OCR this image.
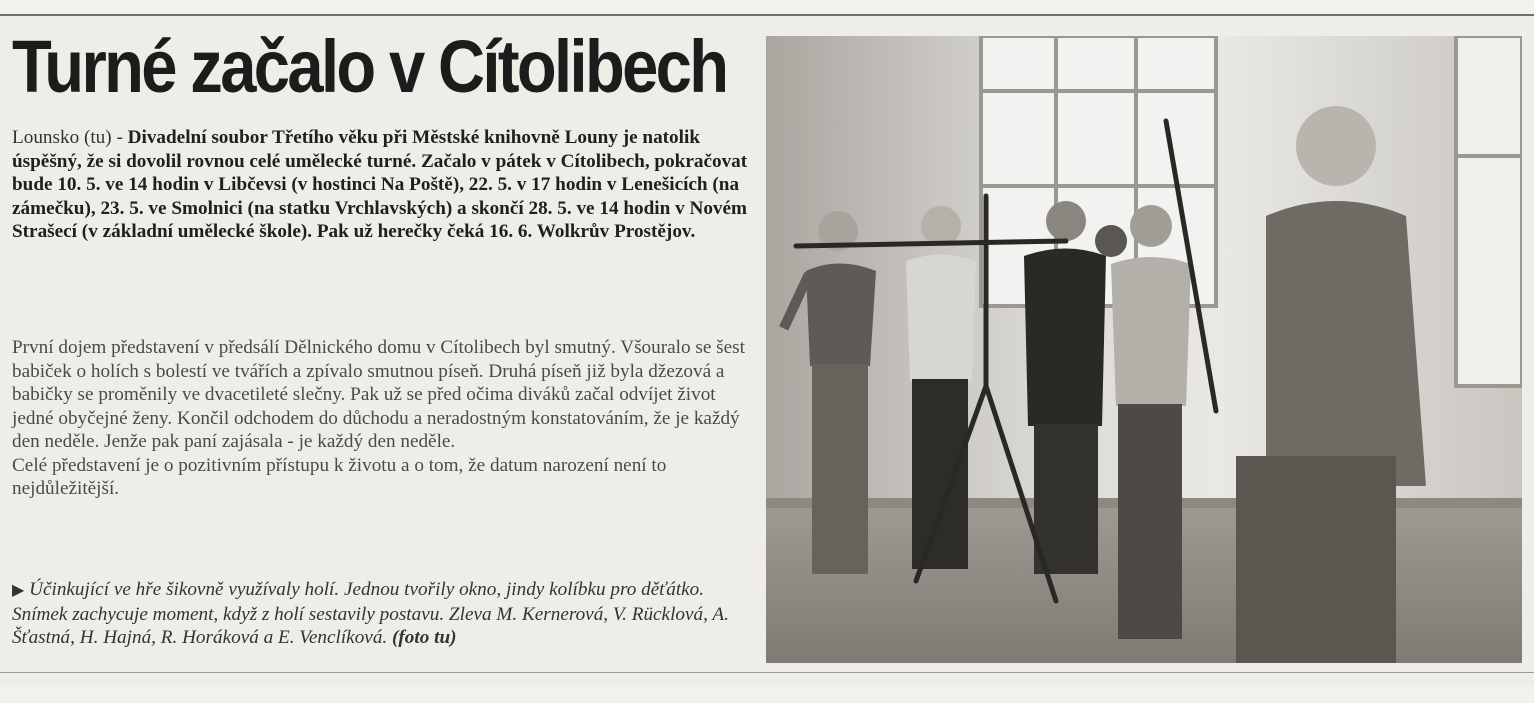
Turné začalo v Cítolibech
Lounsko (tu) - Divadelní soubor Třetího věku při Městské knihovně Louny je natolik úspěšný, že si dovolil rovnou celé umělecké turné. Začalo v pátek v Cítolibech, pokračovat bude 10. 5. ve 14 hodin v Libčevsi (v hostinci Na Poště), 22. 5. v 17 hodin v Lenešicích (na zámečku), 23. 5. ve Smolnici (na statku Vrchlavských) a skončí 28. 5. ve 14 hodin v Novém Strašecí (v základní umělecké škole). Pak už herečky čeká 16. 6. Wolkrův Prostějov.

První dojem představení v předsálí Dělnického domu v Cítolibech byl smutný. Všouralo se šest babiček o holích s bolestí ve tvářích a zpívalo smutnou píseň. Druhá píseň již byla džezová a babičky se proměnily ve dvacetileté slečny. Pak už se před očima diváků začal odvíjet život jedné obyčejné ženy. Končil odchodem do důchodu a neradostným konstatováním, že je každý den neděle. Jenže pak paní zajásala - je každý den neděle.

Celé představení je o pozitivním přístupu k životu a o tom, že datum narození není to nejdůležitější.

▶ Účinkující ve hře šikovně využívaly holí. Jednou tvořily okno, jindy kolíbku pro děťátko. Snímek zachycuje moment, když z holí sestavily postavu. Zleva M. Kernerová, V. Rücklová, A. Šťastná, H. Hajná, R. Horáková a E. Venclíková. (foto tu)
